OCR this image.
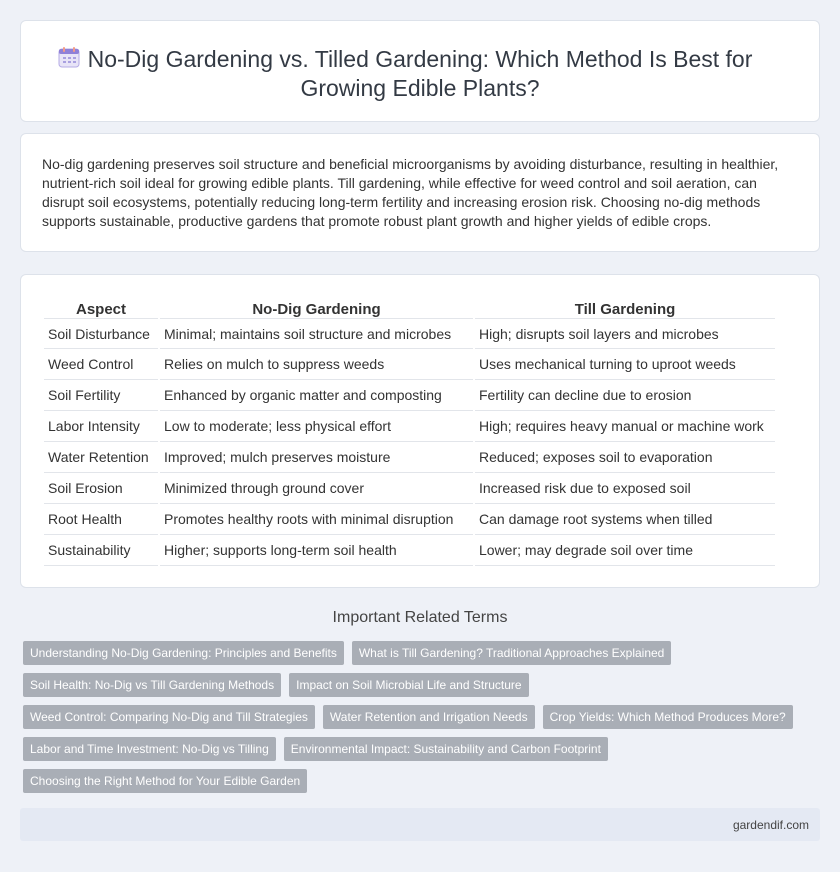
No-Dig Gardening vs. Tilled Gardening: Which Method Is Best for Growing Edible Plants?

No-dig gardening preserves soil structure and beneficial microorganisms by avoiding disturbance, resulting in healthier, nutrient-rich soil ideal for growing edible plants. Till gardening, while effective for weed control and soil aeration, can disrupt soil ecosystems, potentially reducing long-term fertility and increasing erosion risk. Choosing no-dig methods supports sustainable, productive gardens that promote robust plant growth and higher yields of edible crops.

Aspect	No-Dig Gardening	Till Gardening
Soil Disturbance	Minimal; maintains soil structure and microbes	High; disrupts soil layers and microbes
Weed Control	Relies on mulch to suppress weeds	Uses mechanical turning to uproot weeds
Soil Fertility	Enhanced by organic matter and composting	Fertility can decline due to erosion
Labor Intensity	Low to moderate; less physical effort	High; requires heavy manual or machine work
Water Retention	Improved; mulch preserves moisture	Reduced; exposes soil to evaporation
Soil Erosion	Minimized through ground cover	Increased risk due to exposed soil
Root Health	Promotes healthy roots with minimal disruption	Can damage root systems when tilled
Sustainability	Higher; supports long-term soil health	Lower; may degrade soil over time
Important Related Terms
Understanding No-Dig Gardening: Principles and Benefits	What is Till Gardening? Traditional Approaches Explained
Soil Health: No-Dig vs Till Gardening Methods	Impact on Soil Microbial Life and Structure
Weed Control: Comparing No-Dig and Till Strategies	Water Retention and Irrigation Needs	Crop Yields: Which Method Produces More?
Labor and Time Investment: No-Dig vs Tilling	Environmental Impact: Sustainability and Carbon Footprint
Choosing the Right Method for Your Edible Garden
gardendif.com
